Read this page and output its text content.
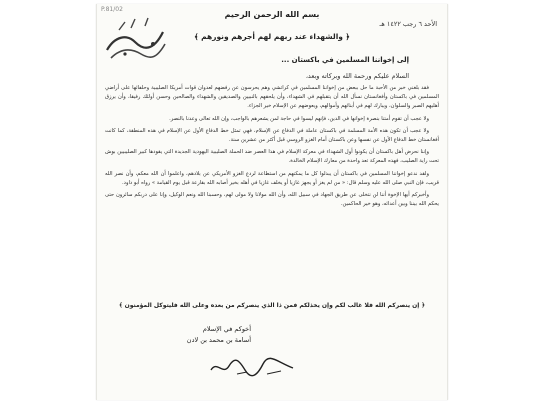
P.81/02
بسم الله الرحمن الرحيم
الأحد ٦ رجب ١٤٢٢ هـ
﴿ والشهداء عند ربهم لهم أجرهم ونورهم ﴾
إلى إخواننا المسلمين في باكستان ...
السلام عليكم ورحمة الله وبركاته وبعد،

فقد بلغني خبر من الأحبة ما حل ببعض من إخواننا المسلمين في كراتشي وهم يحرسون عن رفضهم لعدوان قوات أمريكا الصليبية وحلفائها على أراضي المسلمين في باكستان وأفغانستان نسأل الله أن يتقبلهم في الشهداء، وأن يلحقهم بالنبيين والصديقين والشهداء والصالحين وحسن أولئك رفيقا، وأن يرزق أهليهم الصبر والسلوان، ويبارك لهم في أبنائهم وأموالهم، ويعوضهم عن الإسلام خير الجزاء.

ولا عجب أن تقوم أمتنا بنصرة إخوانها في الدين، فإنهم ليسوا في حاجة لمن يشعرهم بالواجب، وإن الله تعالى وعدنا بالنصر.

ولا عجب أن تكون هذه الأمة المسلمة في باكستان عاملة في الدفاع عن الإسلام، فهي تمثل خط الدفاع الأول عن الإسلام في هذه المنطقة، كما كانت أفغانستان خط الدفاع الأول عن نفسها وعن باكستان أمام الغزو الروسي قبل أكثر من عشرين سنة.

وإننا نحرض أهل باكستان أن يكونوا أول الشهداء في معركة الإسلام في هذا العصر ضد الحملة الصليبية اليهودية الجديدة التي يقودها كبير الصليبيين بوش تحت راية الصليب، فهذه المعركة تعد واحدة من معارك الإسلام الخالدة.

ولقد ندعو إخواننا المسلمين في باكستان أن يبذلوا كل ما يمكنهم من استطاعة لردع الغزو الأمريكي عن بلادهم، واعلموا أن الله معكم، وأن نصر الله قريب، فإن النبي صلى الله عليه وسلم قال: « من لم يغز أو يجهز غازيا أو يخلف غازيا في أهله بخير أصابه الله بقارعة قبل يوم القيامة » رواه أبو داود.

وأخبركم أيها الإخوة أننا لن نتخلى عن طريق الجهاد في سبيل الله، وأن الله مولانا ولا مولى لهم، وحسبنا الله ونعم الوكيل، وإنا على دربكم سائرون حتى يحكم الله بيننا وبين أعدائه، وهو خير الحاكمين.

﴿ إن ينصركم الله فلا غالب لكم وإن يخذلكم فمن ذا الذي ينصركم من بعده وعلى الله فليتوكل المؤمنون ﴾
أخوكم في الإسلام
أسامة بن محمد بن لادن
